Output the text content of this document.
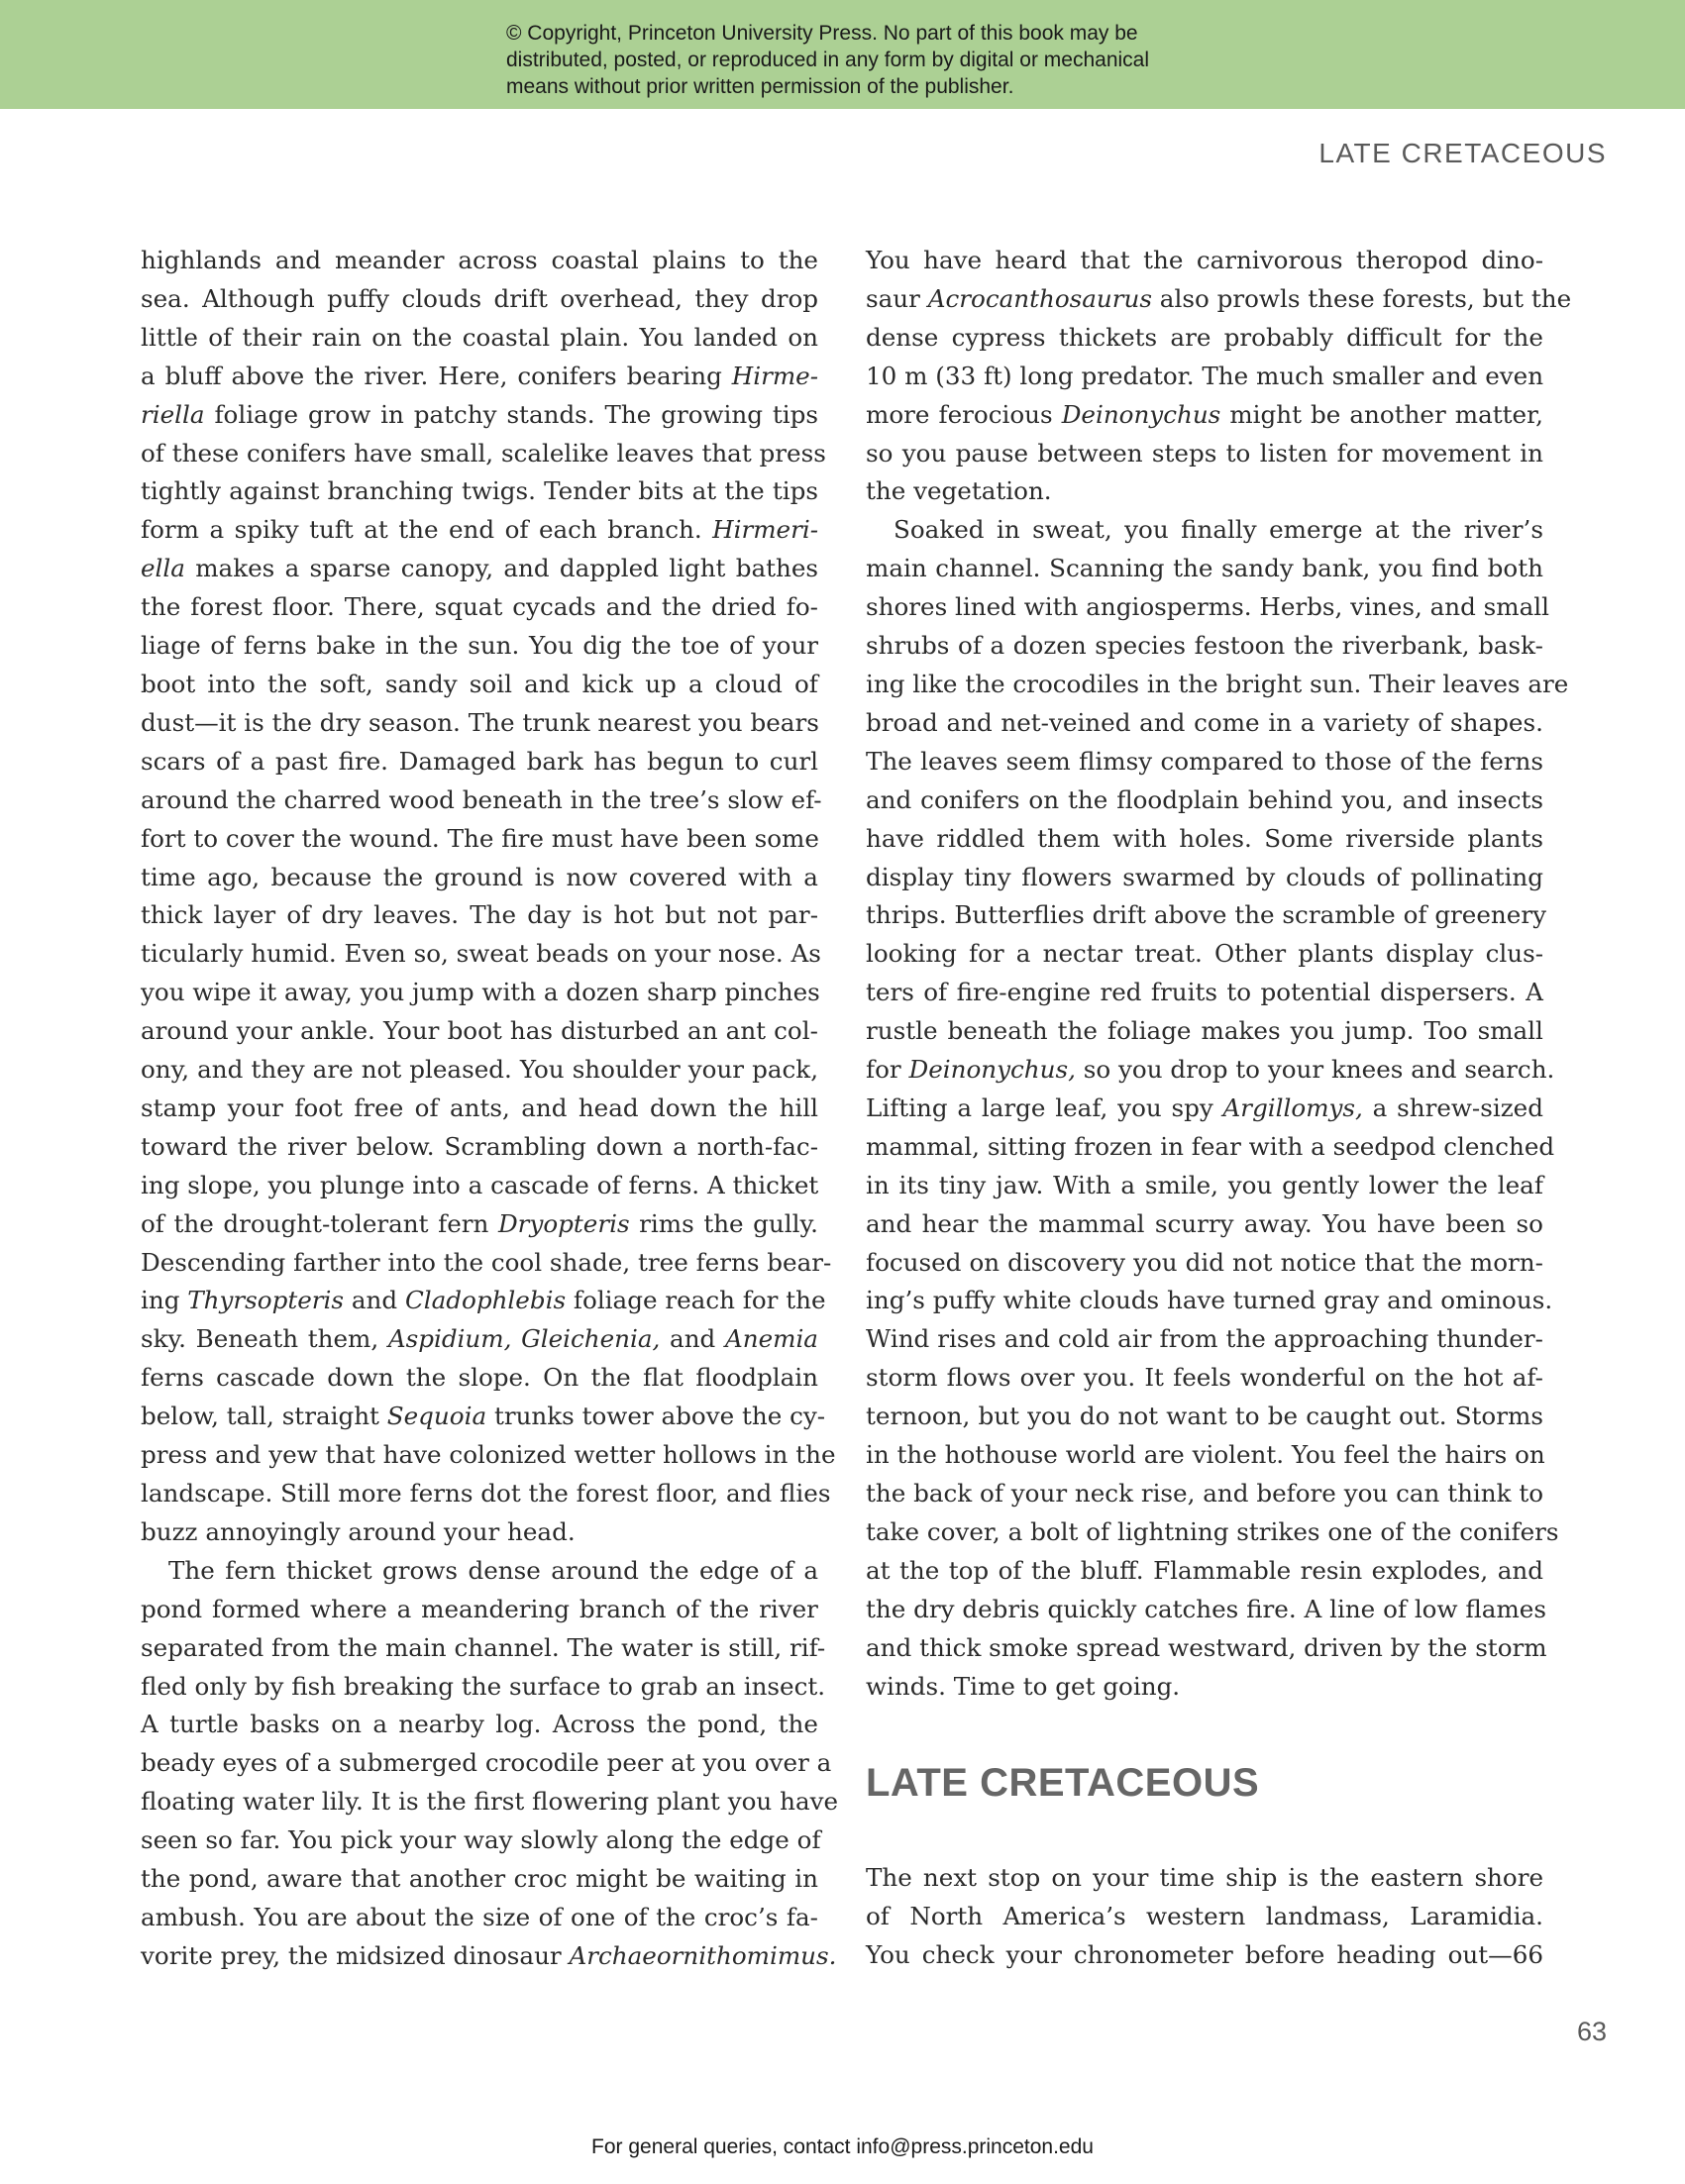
© Copyright, Princeton University Press. No part of this book may be
distributed, posted, or reproduced in any form by digital or mechanical
means without prior written permission of the publisher.
LATE CRETACEOUS
highlands and meander across coastal plains to the
sea. Although puffy clouds drift overhead, they drop
little of their rain on the coastal plain. You landed on
a bluff above the river. Here, conifers bearing Hirme-
riella foliage grow in patchy stands. The growing tips
of these conifers have small, scalelike leaves that press
tightly against branching twigs. Tender bits at the tips
form a spiky tuft at the end of each branch. Hirmeri-
ella makes a sparse canopy, and dappled light bathes
the forest floor. There, squat cycads and the dried fo-
liage of ferns bake in the sun. You dig the toe of your
boot into the soft, sandy soil and kick up a cloud of
dust—it is the dry season. The trunk nearest you bears
scars of a past fire. Damaged bark has begun to curl
around the charred wood beneath in the tree’s slow ef-
fort to cover the wound. The fire must have been some
time ago, because the ground is now covered with a
thick layer of dry leaves. The day is hot but not par-
ticularly humid. Even so, sweat beads on your nose. As
you wipe it away, you jump with a dozen sharp pinches
around your ankle. Your boot has disturbed an ant col-
ony, and they are not pleased. You shoulder your pack,
stamp your foot free of ants, and head down the hill
toward the river below. Scrambling down a north-fac-
ing slope, you plunge into a cascade of ferns. A thicket
of the drought-tolerant fern Dryopteris rims the gully.
Descending farther into the cool shade, tree ferns bear-
ing Thyrsopteris and Cladophlebis foliage reach for the
sky. Beneath them, Aspidium, Gleichenia, and Anemia
ferns cascade down the slope. On the flat floodplain
below, tall, straight Sequoia trunks tower above the cy-
press and yew that have colonized wetter hollows in the
landscape. Still more ferns dot the forest floor, and flies
buzz annoyingly around your head.
The fern thicket grows dense around the edge of a
pond formed where a meandering branch of the river
separated from the main channel. The water is still, rif-
fled only by fish breaking the surface to grab an insect.
A turtle basks on a nearby log. Across the pond, the
beady eyes of a submerged crocodile peer at you over a
floating water lily. It is the first flowering plant you have
seen so far. You pick your way slowly along the edge of
the pond, aware that another croc might be waiting in
ambush. You are about the size of one of the croc’s fa-
vorite prey, the midsized dinosaur Archaeornithomimus.
You have heard that the carnivorous theropod dino-
saur Acrocanthosaurus also prowls these forests, but the
dense cypress thickets are probably difficult for the
10 m (33 ft) long predator. The much smaller and even
more ferocious Deinonychus might be another matter,
so you pause between steps to listen for movement in
the vegetation.
Soaked in sweat, you finally emerge at the river’s
main channel. Scanning the sandy bank, you find both
shores lined with angiosperms. Herbs, vines, and small
shrubs of a dozen species festoon the riverbank, bask-
ing like the crocodiles in the bright sun. Their leaves are
broad and net-veined and come in a variety of shapes.
The leaves seem flimsy compared to those of the ferns
and conifers on the floodplain behind you, and insects
have riddled them with holes. Some riverside plants
display tiny flowers swarmed by clouds of pollinating
thrips. Butterflies drift above the scramble of greenery
looking for a nectar treat. Other plants display clus-
ters of fire-engine red fruits to potential dispersers. A
rustle beneath the foliage makes you jump. Too small
for Deinonychus, so you drop to your knees and search.
Lifting a large leaf, you spy Argillomys, a shrew-sized
mammal, sitting frozen in fear with a seedpod clenched
in its tiny jaw. With a smile, you gently lower the leaf
and hear the mammal scurry away. You have been so
focused on discovery you did not notice that the morn-
ing’s puffy white clouds have turned gray and ominous.
Wind rises and cold air from the approaching thunder-
storm flows over you. It feels wonderful on the hot af-
ternoon, but you do not want to be caught out. Storms
in the hothouse world are violent. You feel the hairs on
the back of your neck rise, and before you can think to
take cover, a bolt of lightning strikes one of the conifers
at the top of the bluff. Flammable resin explodes, and
the dry debris quickly catches fire. A line of low flames
and thick smoke spread westward, driven by the storm
winds. Time to get going.
LATE CRETACEOUS
The next stop on your time ship is the eastern shore
of North America’s western landmass, Laramidia.
You check your chronometer before heading out—66
63
For general queries, contact info@press.princeton.edu
